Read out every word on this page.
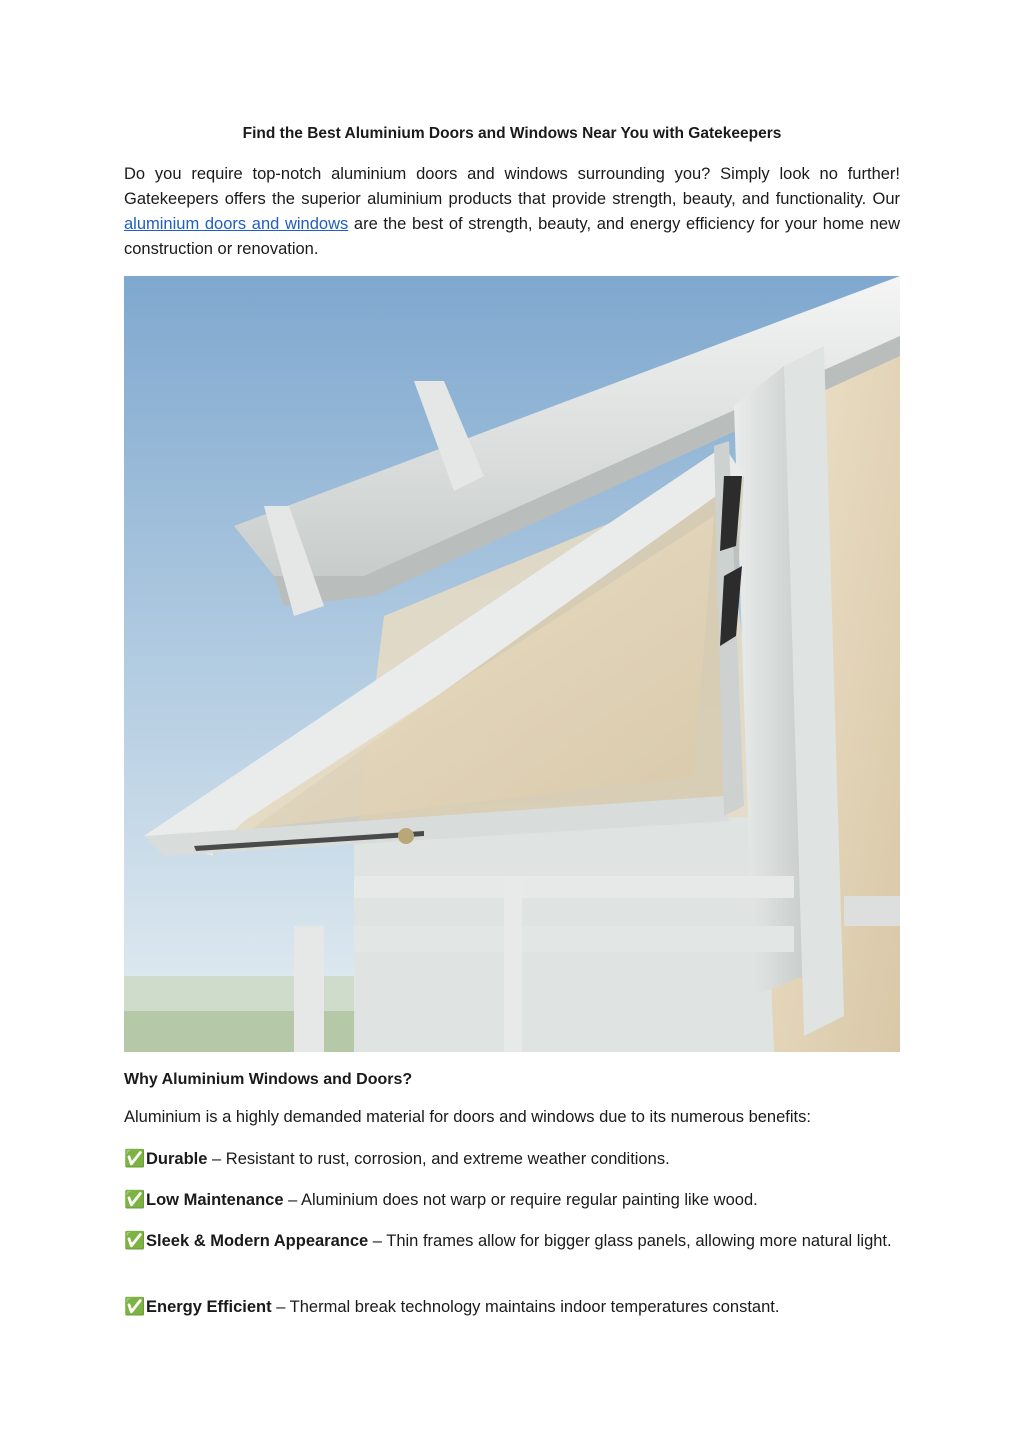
Find the Best Aluminium Doors and Windows Near You with Gatekeepers

Do you require top-notch aluminium doors and windows surrounding you? Simply look no further! Gatekeepers offers the superior aluminium products that provide strength, beauty, and functionality. Our aluminium doors and windows are the best of strength, beauty, and energy efficiency for your home new construction or renovation.

Why Aluminium Windows and Doors?

Aluminium is a highly demanded material for doors and windows due to its numerous benefits:

✅Durable – Resistant to rust, corrosion, and extreme weather conditions.
✅Low Maintenance – Aluminium does not warp or require regular painting like wood.
✅Sleek & Modern Appearance – Thin frames allow for bigger glass panels, allowing more natural light.
✅Energy Efficient – Thermal break technology maintains indoor temperatures constant.
